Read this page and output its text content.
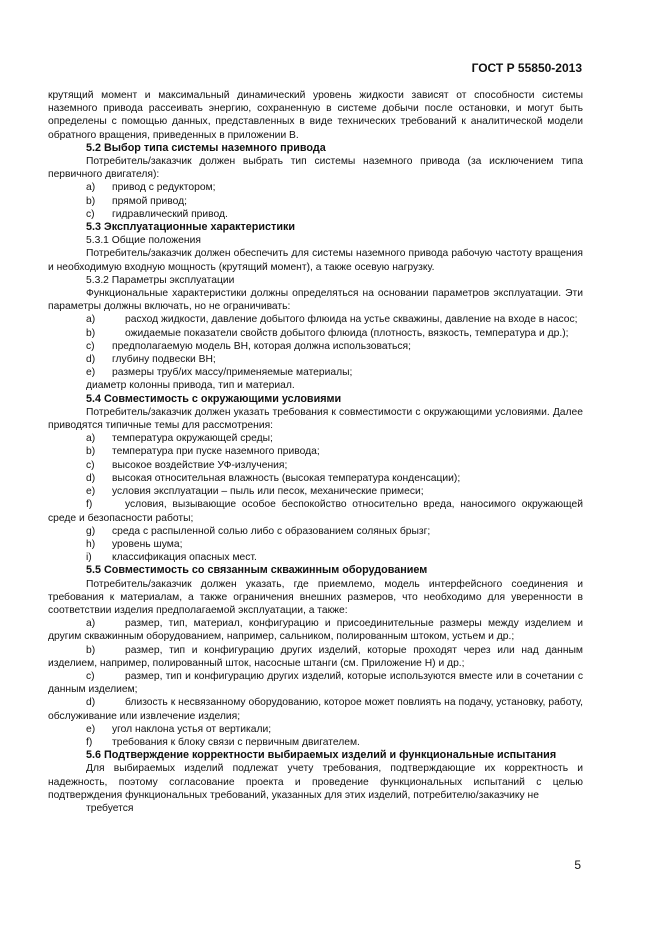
ГОСТ Р 55850-2013

крутящий момент и максимальный динамический уровень жидкости зависят от способности системы наземного привода рассеивать энергию, сохраненную в системе добычи после остановки, и могут быть определены с помощью данных, представленных в виде технических требований к аналитической модели обратного вращения, приведенных в приложении В.

5.2 Выбор типа системы наземного привода

Потребитель/заказчик должен выбрать тип системы наземного привода (за исключением типа первичного двигателя):

a)	привод с редуктором;
b)	прямой привод;
c)	гидравлический привод.

5.3 Эксплуатационные характеристики

5.3.1 Общие положения

Потребитель/заказчик должен обеспечить для системы наземного привода рабочую частоту вращения и необходимую входную мощность (крутящий момент), а также осевую нагрузку.

5.3.2 Параметры эксплуатации

Функциональные характеристики должны определяться на основании параметров эксплуатации. Эти параметры должны включать, но не ограничивать:

a)	расход жидкости, давление добытого флюида на устье скважины, давление на входе в насос;

b)	ожидаемые показатели свойств добытого флюида (плотность, вязкость, температура и др.);

c)	предполагаемую модель ВН, которая должна использоваться;
d)	глубину подвески ВН;
e)	размеры труб/их массу/применяемые материалы;

диаметр колонны привода, тип и материал.

5.4 Совместимость с окружающими условиями

Потребитель/заказчик должен указать требования к совместимости с окружающими условиями. Далее приводятся типичные темы для рассмотрения:

a)	температура окружающей среды;
b)	температура при пуске наземного привода;
c)	высокое воздействие УФ-излучения;
d)	высокая относительная влажность (высокая температура конденсации);
e)	условия эксплуатации – пыль или песок, механические примеси;

f)	условия, вызывающие особое беспокойство относительно вреда, наносимого окружающей среде и безопасности работы;

g)	среда с распыленной солью либо с образованием соляных брызг;
h)	уровень шума;
i)	классификация опасных мест.

5.5 Совместимость со связанным скважинным оборудованием

Потребитель/заказчик должен указать, где приемлемо, модель интерфейсного соединения и требования к материалам, а также ограничения внешних размеров, что необходимо для уверенности в соответствии изделия предполагаемой эксплуатации, а также:

a)	размер, тип, материал, конфигурацию и присоединительные размеры между изделием и другим скважинным оборудованием, например, сальником, полированным штоком, устьем и др.;

b)	размер, тип и конфигурацию других изделий, которые проходят через или над данным изделием, например, полированный шток, насосные штанги (см. Приложение Н) и др.;

c)	размер, тип и конфигурацию других изделий, которые используются вместе или в сочетании с данным изделием;

d)	близость к несвязанному оборудованию, которое может повлиять на подачу, установку, работу, обслуживание или извлечение изделия;

e)	угол наклона устья от вертикали;
f)	требования к блоку связи с первичным двигателем.

5.6 Подтверждение корректности выбираемых изделий и функциональные испытания

Для выбираемых изделий подлежат учету требования, подтверждающие их корректность и надежность, поэтому согласование проекта и проведение функциональных испытаний с целью подтверждения функциональных требований, указанных для этих изделий, потребителю/заказчику не

требуется

5
